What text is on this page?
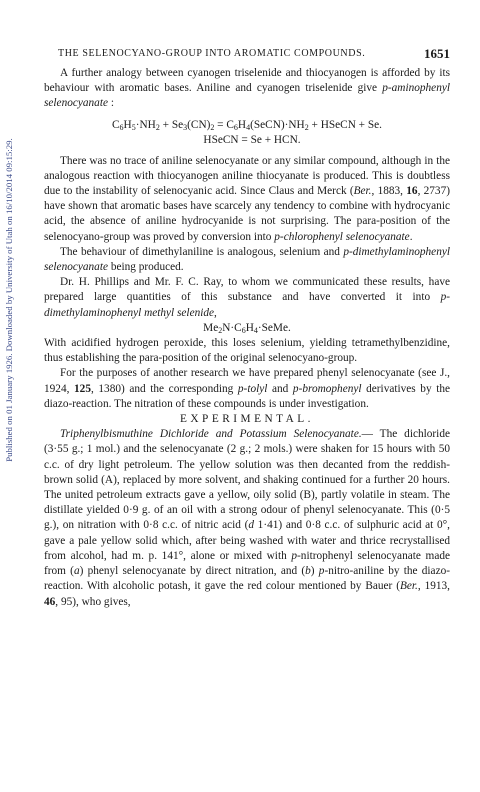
Published on 01 January 1926. Downloaded by University of Utah on 16/10/2014 09:15:29.
THE SELENOCYANO-GROUP INTO AROMATIC COMPOUNDS.	1651

A further analogy between cyanogen triselenide and thiocyanogen is afforded by its behaviour with aromatic bases. Aniline and cyanogen triselenide give p-aminophenyl selenocyanate :

$C_6H_5\cdot NH_2 + Se_3(CN)_2$ = $C_6H_4(SeCN)\cdot NH_2$ + HSeCN + Se.
HSeCN = Se + HCN.

There was no trace of aniline selenocyanate or any similar compound, although in the analogous reaction with thiocyanogen aniline thiocyanate is produced. This is doubtless due to the instability of selenocyanic acid. Since Claus and Merck (Ber., 1883, 16, 2737) have shown that aromatic bases have scarcely any tendency to combine with hydrocyanic acid, the absence of aniline hydrocyanide is not surprising. The para-position of the selenocyano-group was proved by conversion into p-chlorophenyl selenocyanate.

The behaviour of dimethylaniline is analogous, selenium and p-dimethylaminophenyl selenocyanate being produced.

Dr. H. Phillips and Mr. F. C. Ray, to whom we communicated these results, have prepared large quantities of this substance and have converted it into p-dimethylaminophenyl methyl selenide,

$Me_2N\cdot C_6H_4\cdot SeMe$.

With acidified hydrogen peroxide, this loses selenium, yielding tetramethylbenzidine, thus establishing the para-position of the original selenocyano-group.

For the purposes of another research we have prepared phenyl selenocyanate (see J., 1924, 125, 1380) and the corresponding p-tolyl and p-bromophenyl derivatives by the diazo-reaction. The nitration of these compounds is under investigation.

EXPERIMENTAL.

Triphenylbismuthine Dichloride and Potassium Selenocyanate.— The dichloride (3·55 g.; 1 mol.) and the selenocyanate (2 g.; 2 mols.) were shaken for 15 hours with 50 c.c. of dry light petroleum. The yellow solution was then decanted from the reddish-brown solid (A), replaced by more solvent, and shaking continued for a further 20 hours. The united petroleum extracts gave a yellow, oily solid (B), partly volatile in steam. The distillate yielded 0·9 g. of an oil with a strong odour of phenyl selenocyanate. This (0·5 g.), on nitration with 0·8 c.c. of nitric acid (d 1·41) and 0·8 c.c. of sulphuric acid at 0°, gave a pale yellow solid which, after being washed with water and thrice recrystallised from alcohol, had m. p. 141°, alone or mixed with p-nitrophenyl selenocyanate made from (a) phenyl selenocyanate by direct nitration, and (b) p-nitro-aniline by the diazo-reaction. With alcoholic potash, it gave the red colour mentioned by Bauer (Ber., 1913, 46, 95), who gives,
